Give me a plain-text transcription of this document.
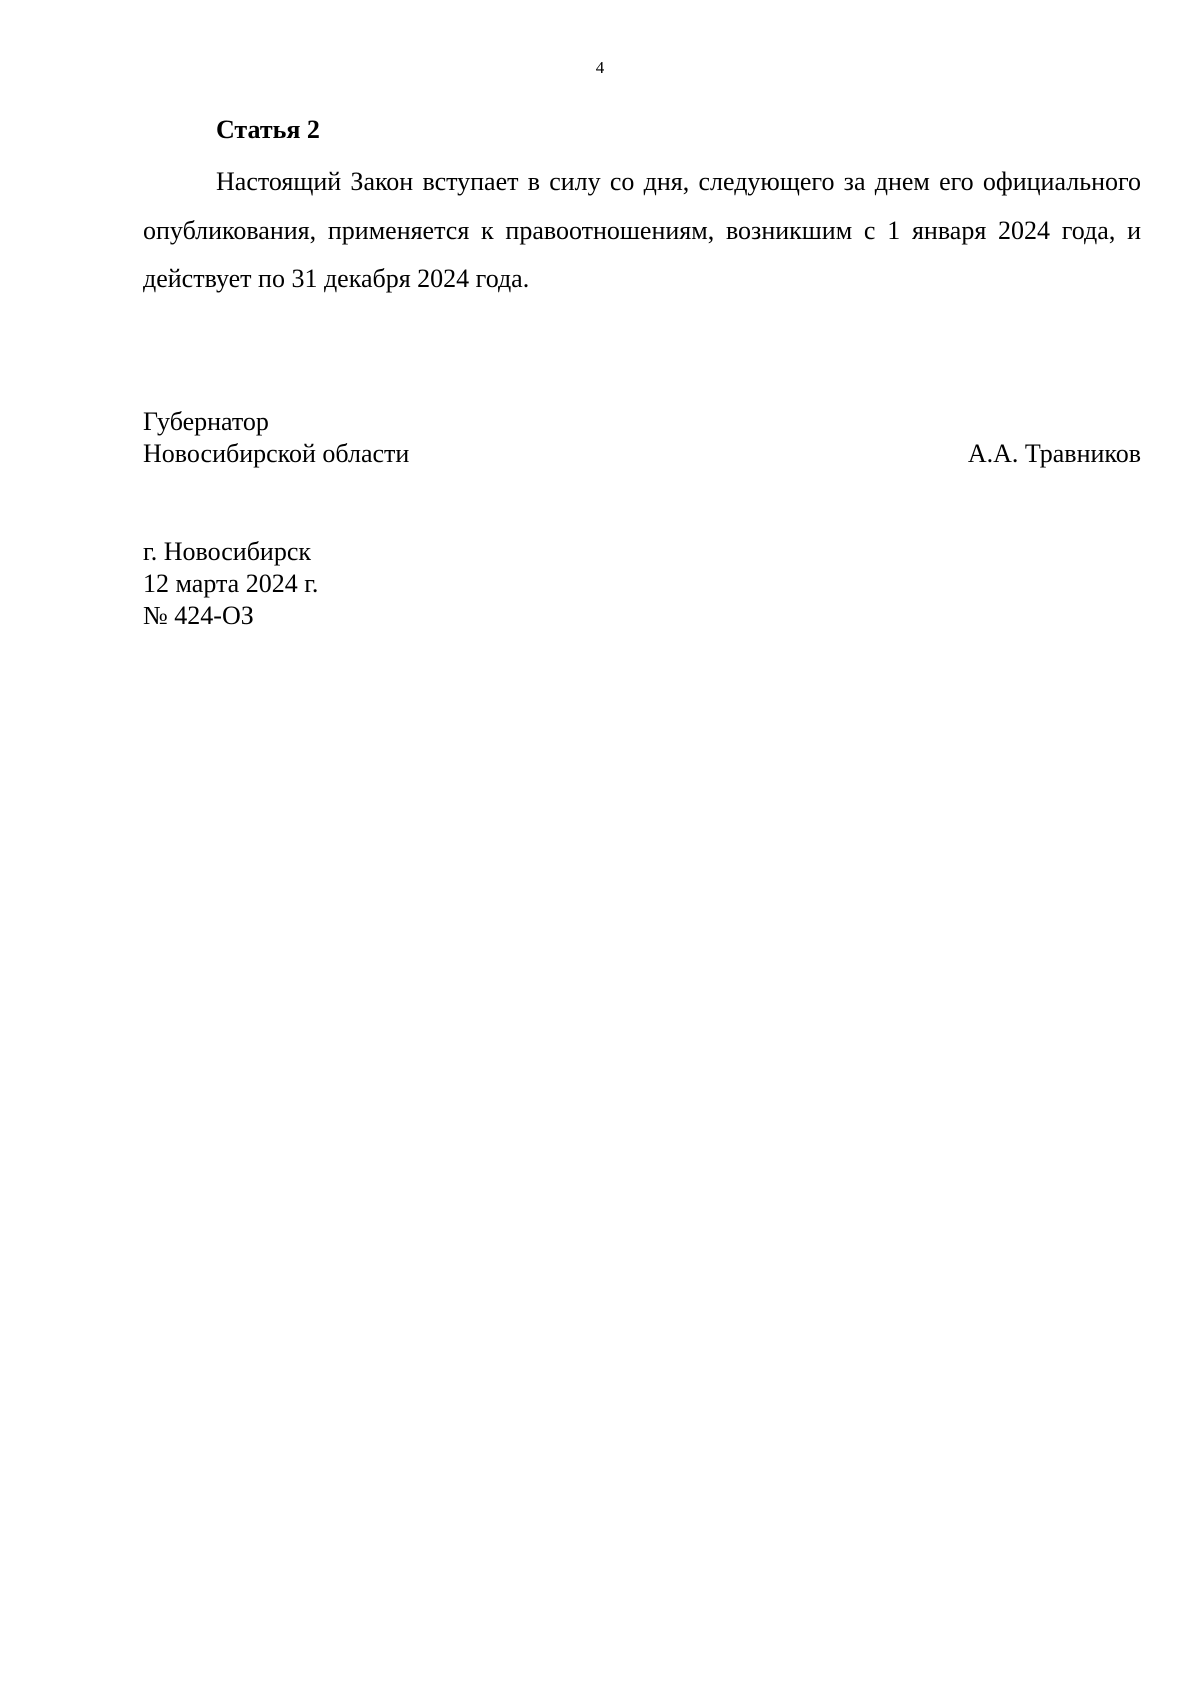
4
Статья 2

Настоящий Закон вступает в силу со дня, следующего за днем его официального опубликования, применяется к правоотношениям, возникшим с 1 января 2024 года, и действует по 31 декабря 2024 года.

Губернатор
Новосибирской области	А.А. Травников
г. Новосибирск
12 марта 2024 г.
№ 424-ОЗ
